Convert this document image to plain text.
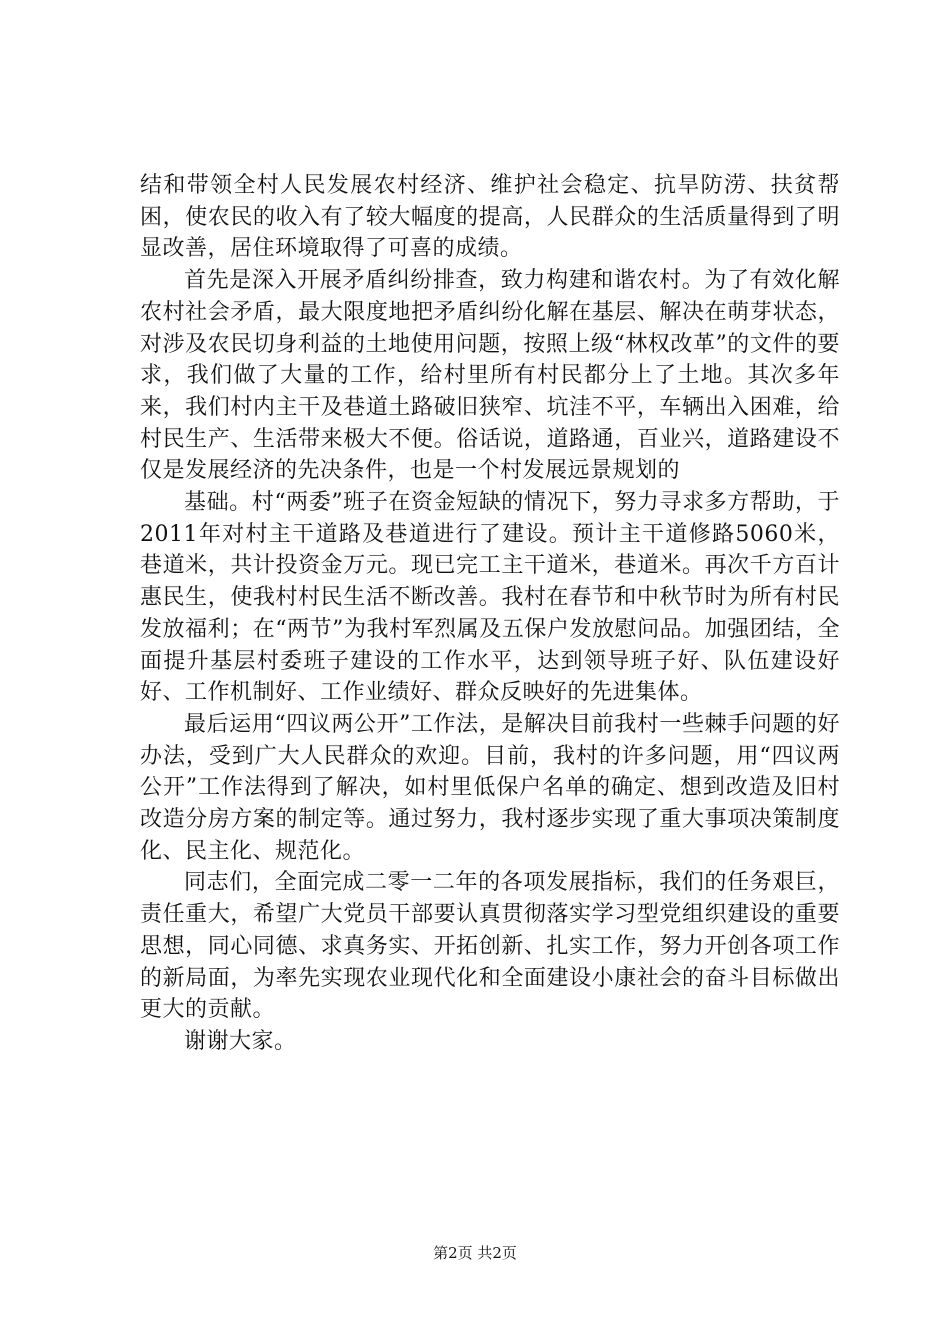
结和带领全村人民发展农村经济、维护社会稳定、抗旱防涝、扶贫帮困，使农民的收入有了较大幅度的提高，人民群众的生活质量得到了明显改善，居住环境取得了可喜的成绩。

首先是深入开展矛盾纠纷排查，致力构建和谐农村。为了有效化解农村社会矛盾，最大限度地把矛盾纠纷化解在基层、解决在萌芽状态，对涉及农民切身利益的土地使用问题，按照上级“林权改革”的文件的要求，我们做了大量的工作，给村里所有村民都分上了土地。其次多年来，我们村内主干及巷道土路破旧狭窄、坑洼不平，车辆出入困难，给村民生产、生活带来极大不便。俗话说，道路通，百业兴，道路建设不仅是发展经济的先决条件，也是一个村发展远景规划的

基础。村“两委”班子在资金短缺的情况下，努力寻求多方帮助，于2011年对村主干道路及巷道进行了建设。预计主干道修路5060米，巷道米，共计投资金万元。现已完工主干道米，巷道米。再次千方百计惠民生，使我村村民生活不断改善。我村在春节和中秋节时为所有村民发放福利；在“两节”为我村军烈属及五保户发放慰问品。加强团结，全面提升基层村委班子建设的工作水平，达到领导班子好、队伍建设好好、工作机制好、工作业绩好、群众反映好的先进集体。

最后运用“四议两公开”工作法，是解决目前我村一些棘手问题的好办法，受到广大人民群众的欢迎。目前，我村的许多问题，用“四议两公开”工作法得到了解决，如村里低保户名单的确定、想到改造及旧村改造分房方案的制定等。通过努力，我村逐步实现了重大事项决策制度化、民主化、规范化。

同志们，全面完成二零一二年的各项发展指标，我们的任务艰巨，责任重大，希望广大党员干部要认真贯彻落实学习型党组织建设的重要思想，同心同德、求真务实、开拓创新、扎实工作，努力开创各项工作的新局面，为率先实现农业现代化和全面建设小康社会的奋斗目标做出更大的贡献。

谢谢大家。

第2页 共2页
